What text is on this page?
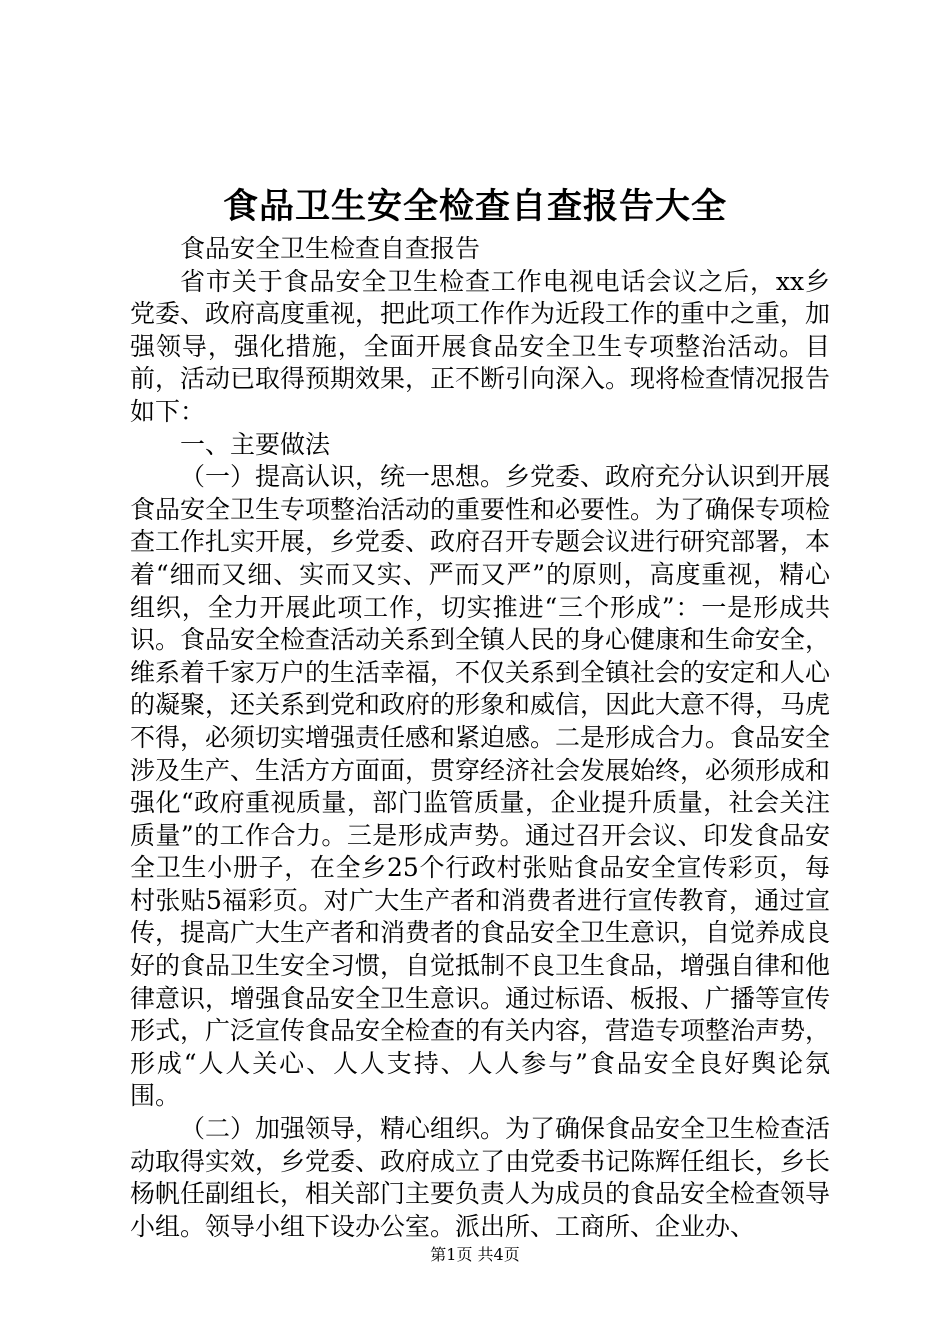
食品卫生安全检查自查报告大全

食品安全卫生检查自查报告

省市关于食品安全卫生检查工作电视电话会议之后，xx乡党委、政府高度重视，把此项工作作为近段工作的重中之重，加强领导，强化措施，全面开展食品安全卫生专项整治活动。目前，活动已取得预期效果，正不断引向深入。现将检查情况报告如下：

一、主要做法

（一）提高认识，统一思想。乡党委、政府充分认识到开展食品安全卫生专项整治活动的重要性和必要性。为了确保专项检查工作扎实开展，乡党委、政府召开专题会议进行研究部署，本着“细而又细、实而又实、严而又严”的原则，高度重视，精心组织，全力开展此项工作，切实推进“三个形成”：一是形成共识。食品安全检查活动关系到全镇人民的身心健康和生命安全，维系着千家万户的生活幸福，不仅关系到全镇社会的安定和人心的凝聚，还关系到党和政府的形象和威信，因此大意不得，马虎不得，必须切实增强责任感和紧迫感。二是形成合力。食品安全涉及生产、生活方方面面，贯穿经济社会发展始终，必须形成和强化“政府重视质量，部门监管质量，企业提升质量，社会关注质量”的工作合力。三是形成声势。通过召开会议、印发食品安全卫生小册子，在全乡25个行政村张贴食品安全宣传彩页，每村张贴5福彩页。对广大生产者和消费者进行宣传教育，通过宣传，提高广大生产者和消费者的食品安全卫生意识，自觉养成良好的食品卫生安全习惯，自觉抵制不良卫生食品，增强自律和他律意识，增强食品安全卫生意识。通过标语、板报、广播等宣传形式，广泛宣传食品安全检查的有关内容，营造专项整治声势，形成“人人关心、人人支持、人人参与”食品安全良好舆论氛围。

（二）加强领导，精心组织。为了确保食品安全卫生检查活动取得实效，乡党委、政府成立了由党委书记陈辉任组长，乡长杨帆任副组长，相关部门主要负责人为成员的食品安全检查领导小组。领导小组下设办公室。派出所、工商所、企业办、

第1页 共4页
